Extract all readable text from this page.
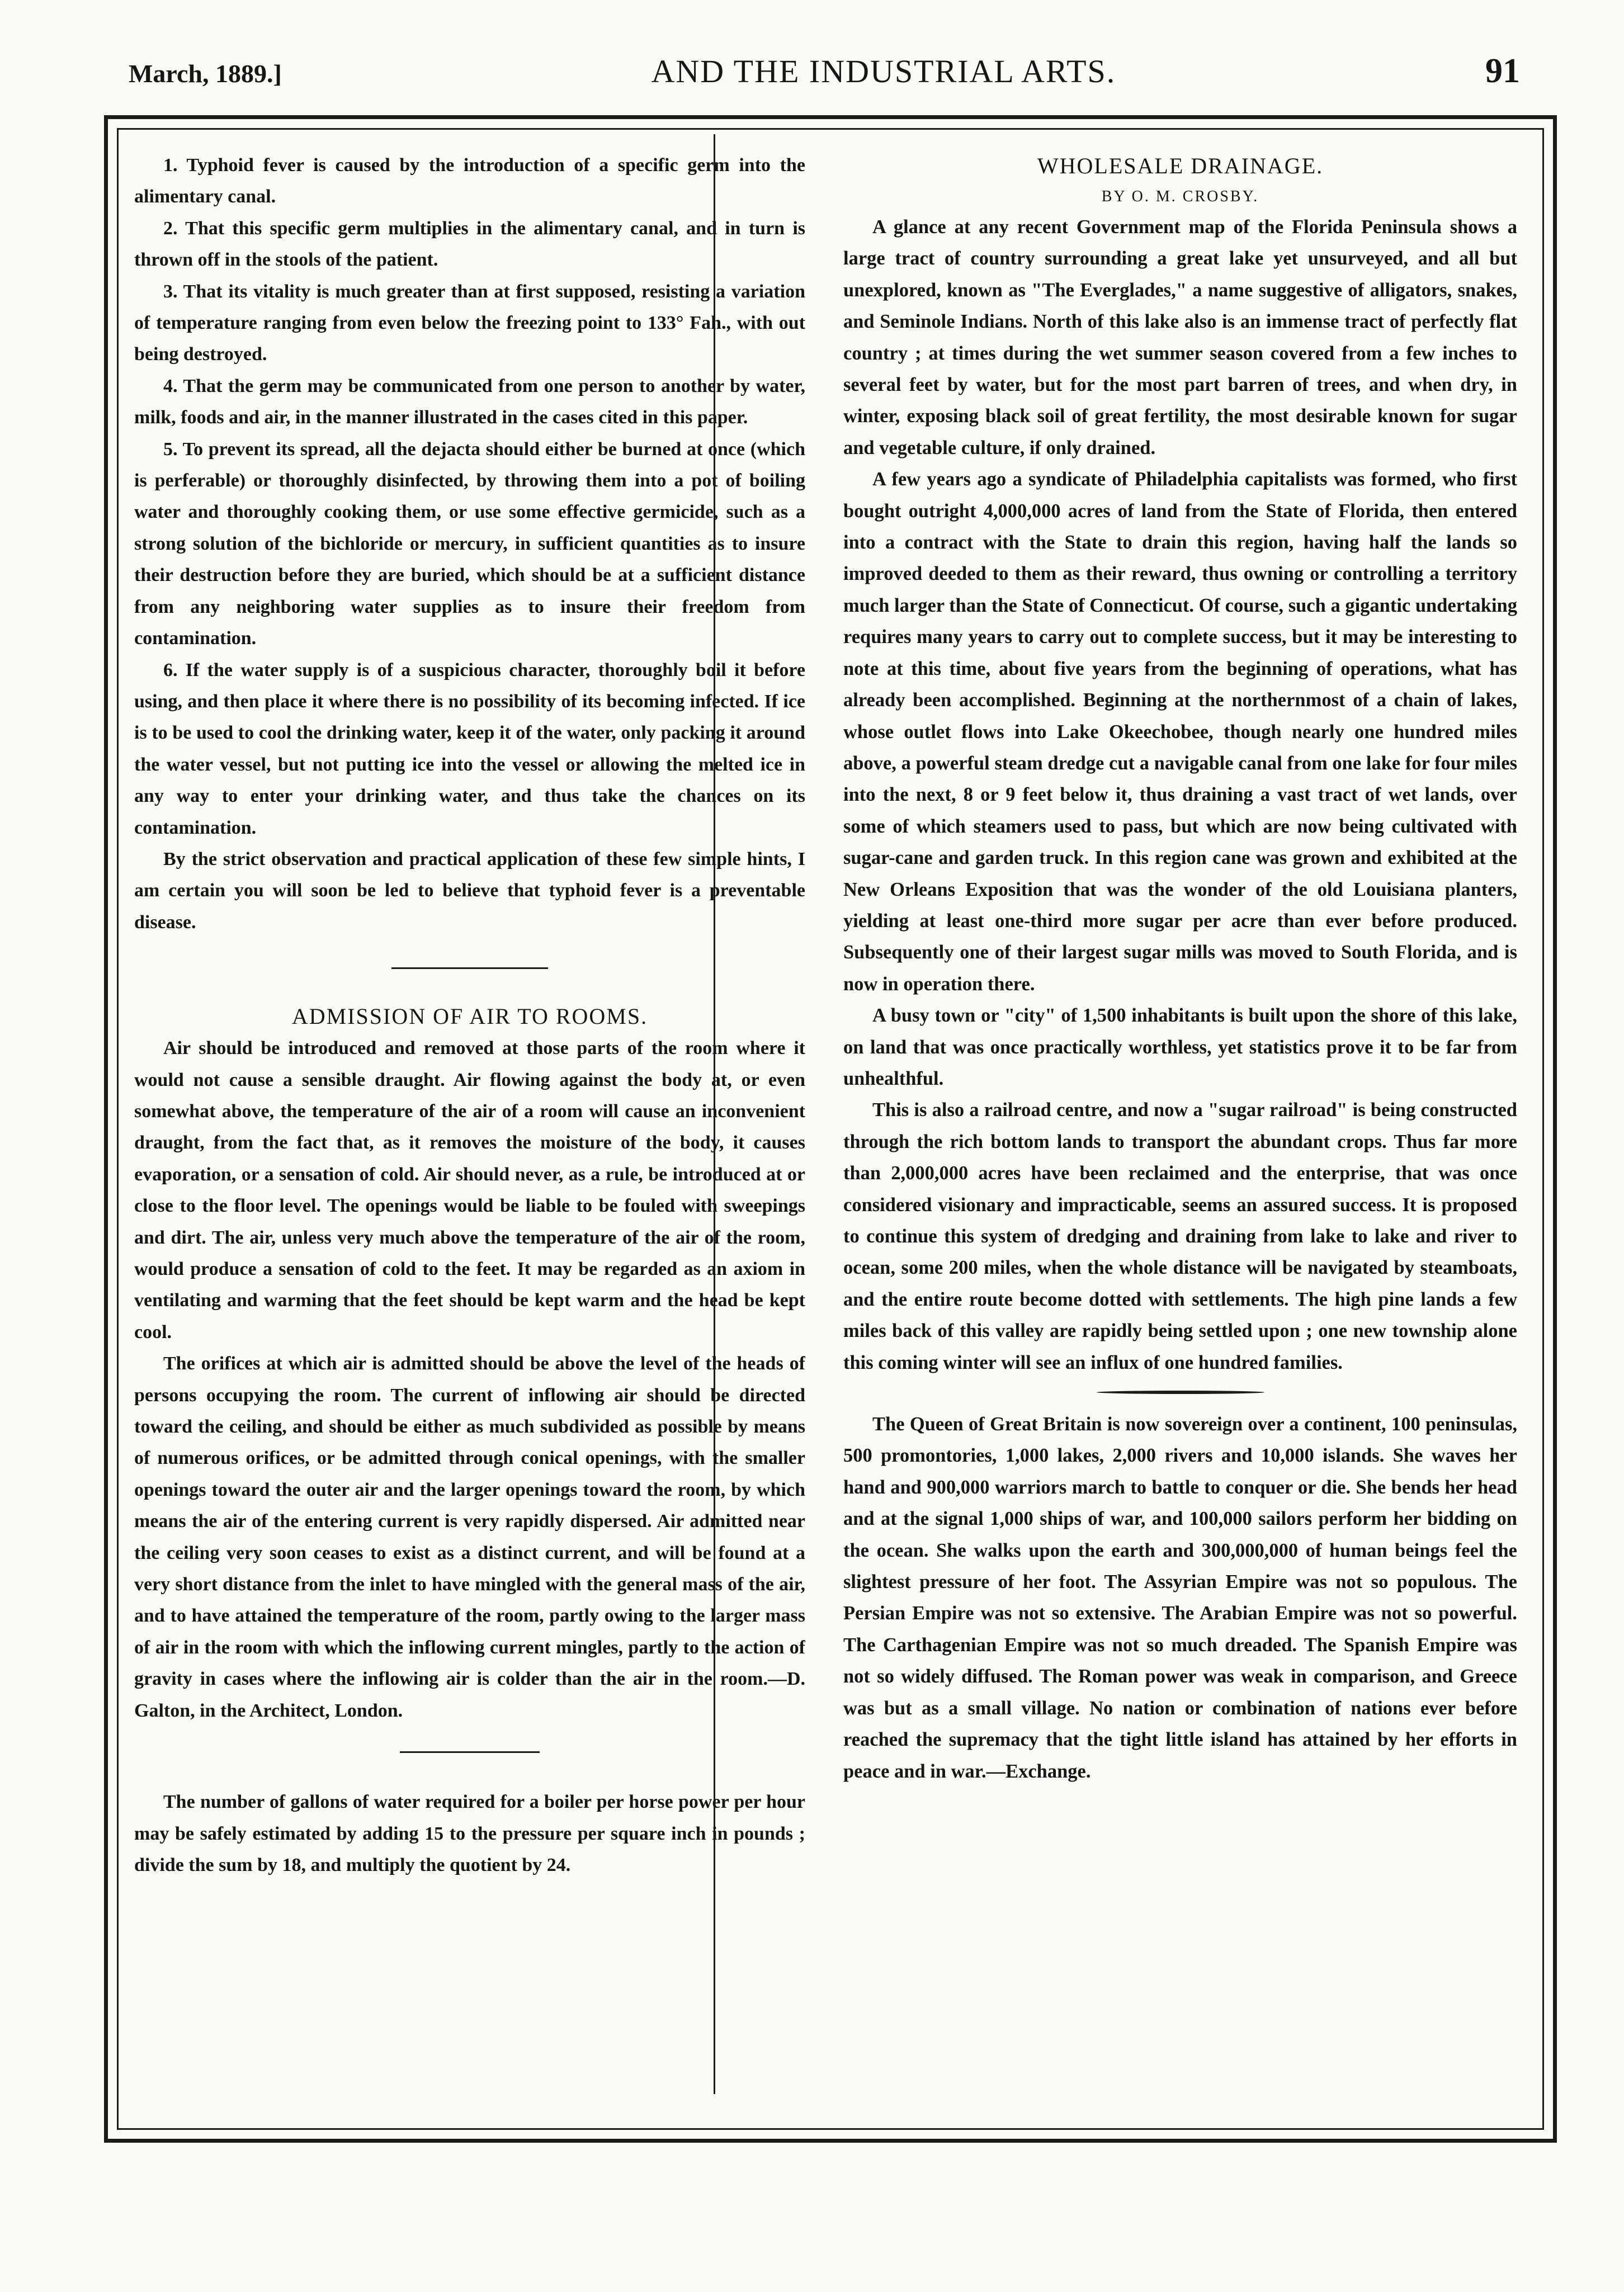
March, 1889.]	AND THE INDUSTRIAL ARTS.	91

1. Typhoid fever is caused by the introduction of a specific germ into the alimentary canal.

2. That this specific germ multiplies in the alimentary canal, and in turn is thrown off in the stools of the patient.

3. That its vitality is much greater than at first supposed, resisting a variation of temperature ranging from even below the freezing point to 133° Fah., with out being destroyed.

4. That the germ may be communicated from one person to another by water, milk, foods and air, in the manner illustrated in the cases cited in this paper.

5. To prevent its spread, all the dejacta should either be burned at once (which is perferable) or thoroughly disinfected, by throwing them into a pot of boiling water and thoroughly cooking them, or use some effective germicide, such as a strong solution of the bichloride or mercury, in sufficient quantities as to insure their destruction before they are buried, which should be at a sufficient distance from any neighboring water supplies as to insure their freedom from contamination.

6. If the water supply is of a suspicious character, thoroughly boil it before using, and then place it where there is no possibility of its becoming infected. If ice is to be used to cool the drinking water, keep it of the water, only packing it around the water vessel, but not putting ice into the vessel or allowing the melted ice in any way to enter your drinking water, and thus take the chances on its contamination.

By the strict observation and practical application of these few simple hints, I am certain you will soon be led to believe that typhoid fever is a preventable disease.

ADMISSION OF AIR TO ROOMS.

Air should be introduced and removed at those parts of the room where it would not cause a sensible draught. Air flowing against the body at, or even somewhat above, the temperature of the air of a room will cause an inconvenient draught, from the fact that, as it removes the moisture of the body, it causes evaporation, or a sensation of cold. Air should never, as a rule, be introduced at or close to the floor level. The openings would be liable to be fouled with sweepings and dirt. The air, unless very much above the temperature of the air of the room, would produce a sensation of cold to the feet. It may be regarded as an axiom in ventilating and warming that the feet should be kept warm and the head be kept cool.

The orifices at which air is admitted should be above the level of the heads of persons occupying the room. The current of inflowing air should be directed toward the ceiling, and should be either as much subdivided as possible by means of numerous orifices, or be admitted through conical openings, with the smaller openings toward the outer air and the larger openings toward the room, by which means the air of the entering current is very rapidly dispersed. Air admitted near the ceiling very soon ceases to exist as a distinct current, and will be found at a very short distance from the inlet to have mingled with the general mass of the air, and to have attained the temperature of the room, partly owing to the larger mass of air in the room with which the inflowing current mingles, partly to the action of gravity in cases where the inflowing air is colder than the air in the room.—D. Galton, in the Architect, London.

The number of gallons of water required for a boiler per horse power per hour may be safely estimated by adding 15 to the pressure per square inch in pounds ; divide the sum by 18, and multiply the quotient by 24.

WHOLESALE DRAINAGE.

BY O. M. CROSBY.

A glance at any recent Government map of the Florida Peninsula shows a large tract of country surrounding a great lake yet unsurveyed, and all but unexplored, known as "The Everglades," a name suggestive of alligators, snakes, and Seminole Indians. North of this lake also is an immense tract of perfectly flat country ; at times during the wet summer season covered from a few inches to several feet by water, but for the most part barren of trees, and when dry, in winter, exposing black soil of great fertility, the most desirable known for sugar and vegetable culture, if only drained.

A few years ago a syndicate of Philadelphia capitalists was formed, who first bought outright 4,000,000 acres of land from the State of Florida, then entered into a contract with the State to drain this region, having half the lands so improved deeded to them as their reward, thus owning or controlling a territory much larger than the State of Connecticut. Of course, such a gigantic undertaking requires many years to carry out to complete success, but it may be interesting to note at this time, about five years from the beginning of operations, what has already been accomplished. Beginning at the northernmost of a chain of lakes, whose outlet flows into Lake Okeechobee, though nearly one hundred miles above, a powerful steam dredge cut a navigable canal from one lake for four miles into the next, 8 or 9 feet below it, thus draining a vast tract of wet lands, over some of which steamers used to pass, but which are now being cultivated with sugar-cane and garden truck. In this region cane was grown and exhibited at the New Orleans Exposition that was the wonder of the old Louisiana planters, yielding at least one-third more sugar per acre than ever before produced. Subsequently one of their largest sugar mills was moved to South Florida, and is now in operation there.

A busy town or "city" of 1,500 inhabitants is built upon the shore of this lake, on land that was once practically worthless, yet statistics prove it to be far from unhealthful.

This is also a railroad centre, and now a "sugar railroad" is being constructed through the rich bottom lands to transport the abundant crops. Thus far more than 2,000,000 acres have been reclaimed and the enterprise, that was once considered visionary and impracticable, seems an assured success. It is proposed to continue this system of dredging and draining from lake to lake and river to ocean, some 200 miles, when the whole distance will be navigated by steamboats, and the entire route become dotted with settlements. The high pine lands a few miles back of this valley are rapidly being settled upon ; one new township alone this coming winter will see an influx of one hundred families.

The Queen of Great Britain is now sovereign over a continent, 100 peninsulas, 500 promontories, 1,000 lakes, 2,000 rivers and 10,000 islands. She waves her hand and 900,000 warriors march to battle to conquer or die. She bends her head and at the signal 1,000 ships of war, and 100,000 sailors perform her bidding on the ocean. She walks upon the earth and 300,000,000 of human beings feel the slightest pressure of her foot. The Assyrian Empire was not so populous. The Persian Empire was not so extensive. The Arabian Empire was not so powerful. The Carthagenian Empire was not so much dreaded. The Spanish Empire was not so widely diffused. The Roman power was weak in comparison, and Greece was but as a small village. No nation or combination of nations ever before reached the supremacy that the tight little island has attained by her efforts in peace and in war.—Exchange.
